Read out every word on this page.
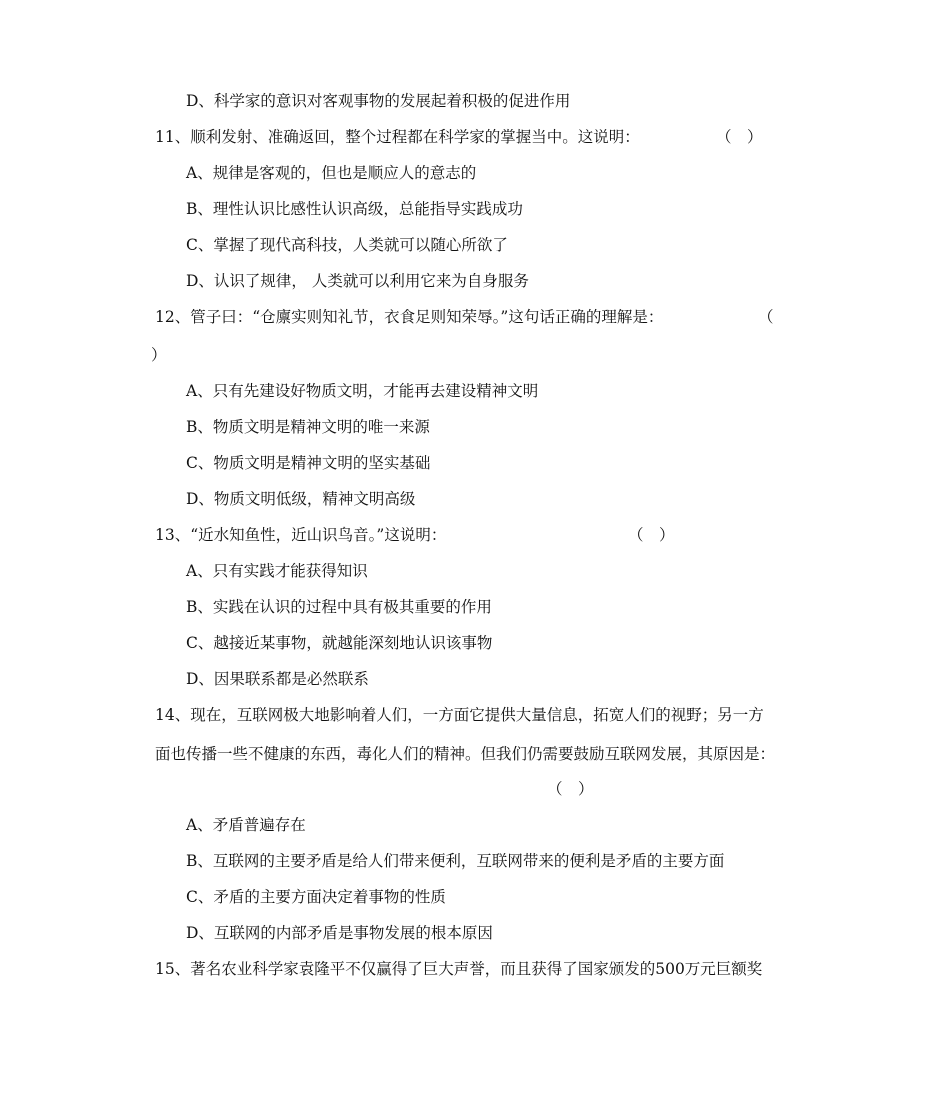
D、科学家的意识对客观事物的发展起着积极的促进作用
11、顺利发射、准确返回，整个过程都在科学家的掌握当中。这说明：	（　）
A、规律是客观的，但也是顺应人的意志的
B、理性认识比感性认识高级，总能指导实践成功
C、掌握了现代高科技，人类就可以随心所欲了
D、认识了规律， 人类就可以利用它来为自身服务
12、管子曰：“仓廪实则知礼节，衣食足则知荣辱。”这句话正确的理解是：	（
）
A、只有先建设好物质文明，才能再去建设精神文明
B、物质文明是精神文明的唯一来源
C、物质文明是精神文明的坚实基础
D、物质文明低级，精神文明高级
13、“近水知鱼性，近山识鸟音。”这说明：	（　）
A、只有实践才能获得知识
B、实践在认识的过程中具有极其重要的作用
C、越接近某事物，就越能深刻地认识该事物
D、因果联系都是必然联系
14、现在，互联网极大地影响着人们，一方面它提供大量信息，拓宽人们的视野；另一方
面也传播一些不健康的东西，毒化人们的精神。但我们仍需要鼓励互联网发展，其原因是：
（　）
A、矛盾普遍存在
B、互联网的主要矛盾是给人们带来便利，互联网带来的便利是矛盾的主要方面
C、矛盾的主要方面决定着事物的性质
D、互联网的内部矛盾是事物发展的根本原因
15、著名农业科学家袁隆平不仅赢得了巨大声誉，而且获得了国家颁发的500万元巨额奖
